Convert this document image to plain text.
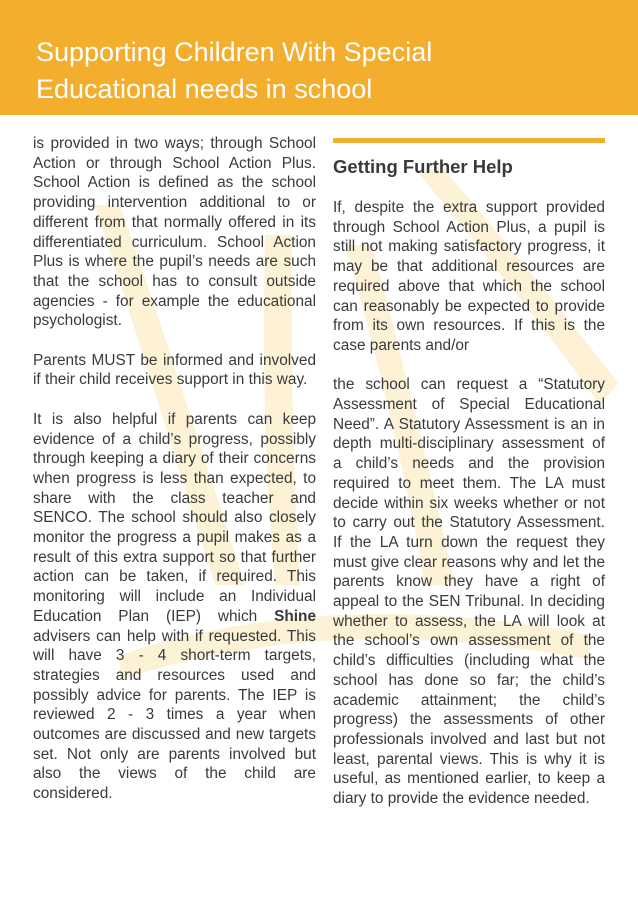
Supporting Children With Special
Educational needs in school

is provided in two ways; through School Action or through School Action Plus. School Action is defined as the school providing intervention additional to or different from that normally offered in its differentiated curriculum. School Action Plus is where the pupil’s needs are such that the school has to consult outside agencies - for example the educational psychologist.

Parents MUST be informed and involved if their child receives support in this way.

It is also helpful if parents can keep evidence of a child’s progress, possibly through keeping a diary of their concerns when progress is less than expected, to share with the class teacher and SENCO. The school should also closely monitor the progress a pupil makes as a result of this extra support so that further action can be taken, if required. This monitoring will include an Individual Education Plan (IEP) which Shine advisers can help with if requested. This will have 3 - 4 short-term targets, strategies and resources used and possibly advice for parents. The IEP is reviewed 2 - 3 times a year when outcomes are discussed and new targets set. Not only are parents involved but also the views of the child are considered.

Getting Further Help

If, despite the extra support provided through School Action Plus, a pupil is still not making satisfactory progress, it may be that additional resources are required above that which the school can reasonably be expected to provide from its own resources. If this is the case parents and/or

the school can request a “Statutory Assessment of Special Educational Need”. A Statutory Assessment is an in depth multi-disciplinary assessment of a child’s needs and the provision required to meet them. The LA must decide within six weeks whether or not to carry out the Statutory Assessment. If the LA turn down the request they must give clear reasons why and let the parents know they have a right of appeal to the SEN Tribunal. In deciding whether to assess, the LA will look at the school’s own assessment of the child’s difficulties (including what the school has done so far; the child’s academic attainment; the child’s progress) the assessments of other professionals involved and last but not least, parental views. This is why it is useful, as mentioned earlier, to keep a diary to provide the evidence needed.
